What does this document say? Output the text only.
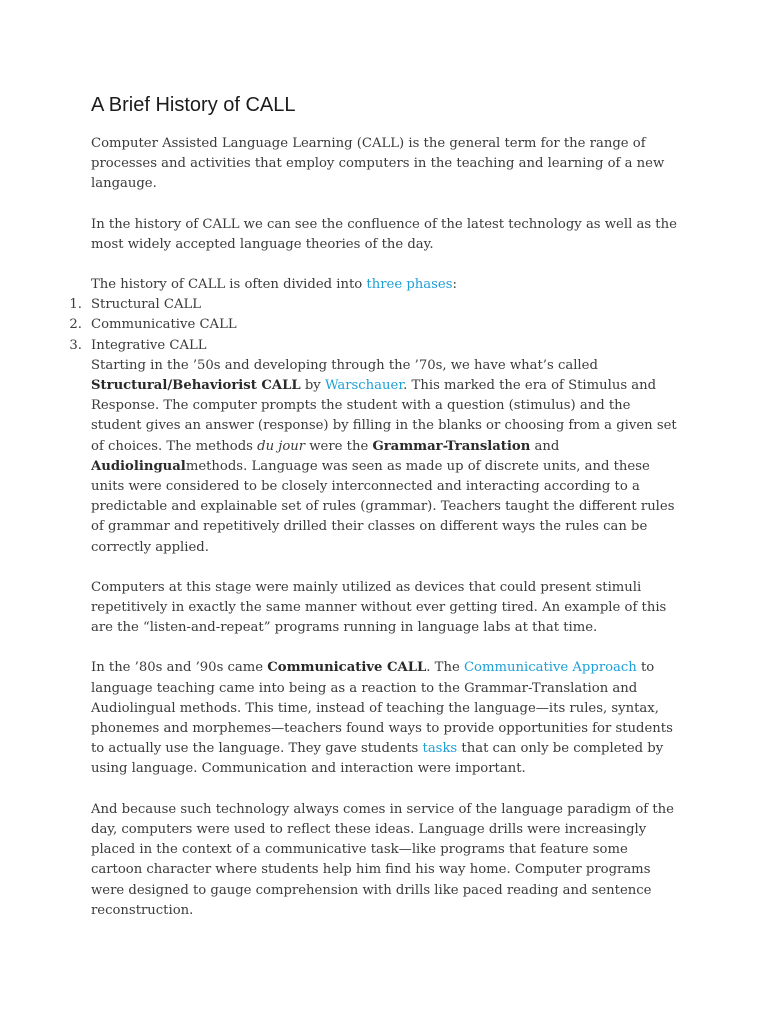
A Brief History of CALL

Computer Assisted Language Learning (CALL) is the general term for the range of processes and activities that employ computers in the teaching and learning of a new langauge.

In the history of CALL we can see the confluence of the latest technology as well as the most widely accepted language theories of the day.

The history of CALL is often divided into three phases:

1. Structural CALL
2. Communicative CALL
3. Integrative CALL

Starting in the ’50s and developing through the ’70s, we have what’s called Structural/Behaviorist CALL by Warschauer. This marked the era of Stimulus and Response. The computer prompts the student with a question (stimulus) and the student gives an answer (response) by filling in the blanks or choosing from a given set of choices. The methods du jour were the Grammar-Translation and Audiolingualmethods. Language was seen as made up of discrete units, and these units were considered to be closely interconnected and interacting according to a predictable and explainable set of rules (grammar). Teachers taught the different rules of grammar and repetitively drilled their classes on different ways the rules can be correctly applied.

Computers at this stage were mainly utilized as devices that could present stimuli repetitively in exactly the same manner without ever getting tired. An example of this are the “listen-and-repeat” programs running in language labs at that time.

In the ’80s and ’90s came Communicative CALL. The Communicative Approach to language teaching came into being as a reaction to the Grammar-Translation and Audiolingual methods. This time, instead of teaching the language—its rules, syntax, phonemes and morphemes—teachers found ways to provide opportunities for students to actually use the language. They gave students tasks that can only be completed by using language. Communication and interaction were important.

And because such technology always comes in service of the language paradigm of the day, computers were used to reflect these ideas. Language drills were increasingly placed in the context of a communicative task—like programs that feature some cartoon character where students help him find his way home. Computer programs were designed to gauge comprehension with drills like paced reading and sentence reconstruction.
